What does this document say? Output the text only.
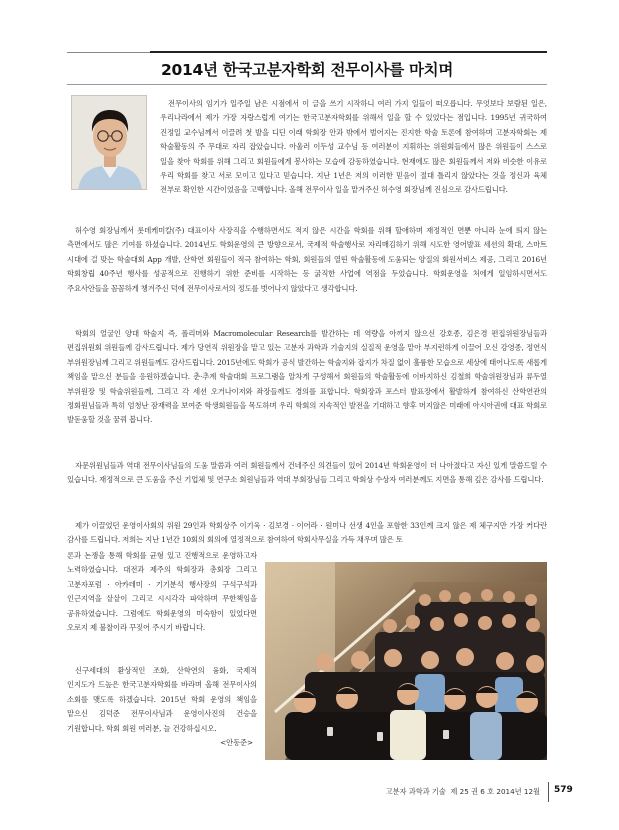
2014년 한국고분자학회 전무이사를 마치며

전무이사의 임기가 일주일 남은 시점에서 이 글을 쓰기 시작하니 여러 가지 일들이 떠오릅니다. 무엇보다 보람된 일은, 우리나라에서 제가 가장 자랑스럽게 여기는 한국고분자학회를 위해서 일을 할 수 있었다는 점입니다. 1995년 귀국하여 진정일 교수님께서 이끌려 첫 발을 디딘 이래 학회장 안과 밖에서 벌어지는 진지한 학술 토론에 참여하며 고분자학회는 제 학술활동의 주 무대로 자리 잡았습니다. 아울러 이두성 교수님 등 여러분이 지휘하는 위원회들에서 많은 위원들이 스스로 일을 찾아 학회를 위해 그리고 회원들에게 봉사하는 모습에 감동하였습니다. 현재에도 많은 회원들께서 저와 비슷한 이유로 우리 학회를 찾고 서로 모이고 있다고 믿습니다. 지난 1년은 저의 이러한 믿음이 절대 틀리지 않았다는 것을 정신과 육체 전부로 확인한 시간이었음을 고백합니다. 올해 전무이사 일을 맡겨주신 허수영 회장님께 진심으로 감사드립니다.

허수영 회장님께서 롯데케미칼(주) 대표이사 사장직을 수행하면서도 적지 않은 시간을 학회를 위해 할애하며 재정적인 면뿐 아니라 눈에 띄지 않는 측면에서도 많은 기여를 하셨습니다. 2014년도 학회운영의 큰 방향으로서, 국제적 학술행사로 자리매김하기 위해 시도한 영어발표 세션의 확대, 스마트 시대에 걸 맞는 학술대회 App 개발, 산학연 회원들이 적극 참여하는 학회, 회원들의 열띤 학술활동에 도움되는 양질의 회원서비스 제공, 그리고 2016년 학회창립 40주년 행사를 성공적으로 진행하기 위한 준비를 시작하는 등 굵직한 사업에 역점을 두었습니다. 학회운영을 처에게 일임하시면서도 주요사안들을 꼼꼼하게 챙겨주신 덕에 전무이사로서의 정도를 벗어나지 않았다고 생각합니다.

학회의 얼굴인 양대 학술지 즉, 폴리머와 Macromolecular Research를 발간하는 데 역량을 아끼지 않으신 강호종, 김은경 편집위원장님들과 편집위원회 위원들께 감사드립니다. 제가 당연직 위원장을 맡고 있는 고분자 과학과 기술지의 실질적 운영을 맡아 부지런하게 이끌어 오신 강영종, 정연식 부위원장님께 그리고 위원들께도 감사드립니다. 2015년에도 학회가 공식 발간하는 학술지와 잡지가 차질 없이 훌륭한 모습으로 세상에 태어나도록 새롭게 책임을 맡으신 분들을 응원하겠습니다. 춘·추계 학술대회 프로그램을 알차게 구성해서 회원들의 학술활동에 이바지하신 김철희 학술위원장님과 류두열 부위원장 및 학술위원들께, 그리고 각 세션 오거나이저와 좌장들께도 경의를 표합니다. 학회장과 포스터 발표장에서 활발하게 참여하신 산학연관의 정회원님들과 특히 엄청난 잠재력을 보여준 학생회원들을 목도하며 우리 학회의 지속적인 발전을 기대하고 향후 머지않은 미래에 아시아권에 대표 학회로 발돋움할 것을 꿈꿔 봅니다.

자문위원님들과 역대 전무이사님들의 도움 말씀과 여러 회원들께서 건네주신 의견들이 있어 2014년 학회운영이 더 나아졌다고 자신 있게 말씀드릴 수 있습니다. 재정적으로 큰 도움을 주신 기업체 및 연구소 회원님들과 역대 부회장님들 그리고 학회상 수상자 여러분께도 지면을 통해 깊은 감사를 드립니다.

제가 이끌었던 운영이사회의 위원 29인과 학회상주 이기욱 · 김보경 · 이어라 · 원미나 선생 4인을 포함한 33인께 크지 않은 제 체구지만 가장 커다란 감사를 드립니다. 저희는 지난 1년간 10회의 회의에 열정적으로 참여하여 학회사무실을 가득 채우며 많은 토

론과 논쟁을 통해 학회를 균형 있고 진행적으로 운영하고자 노력하였습니다. 대전과 제주의 학회장과 총회장 그리고 고분자포럼 · 아카데미 · 기기분석 행사장의 구석구석과 인근지역을 샅샅이 그리고 시시각각 파악하며 무한책임을 공유하였습니다. 그럼에도 학회운영의 미숙함이 있었다면 오로지 제 불찰이라 꾸짖어 주시기 바랍니다.

신구세대의 환상적인 조화, 산학연의 융화, 국제적 인지도가 드높은 한국고분자학회를 바라며 올해 전무이사의 소회를 맺도록 하겠습니다. 2015년 학회 운영의 책임을 맡으신 김덕준 전무이사님과 운영이사진의 건승을 기원합니다. 학회 회원 여러분, 늘 건강하십시오.
<안동준>

고분자 과학과 기술 제 25 권 6 호 2014년 12월 579
